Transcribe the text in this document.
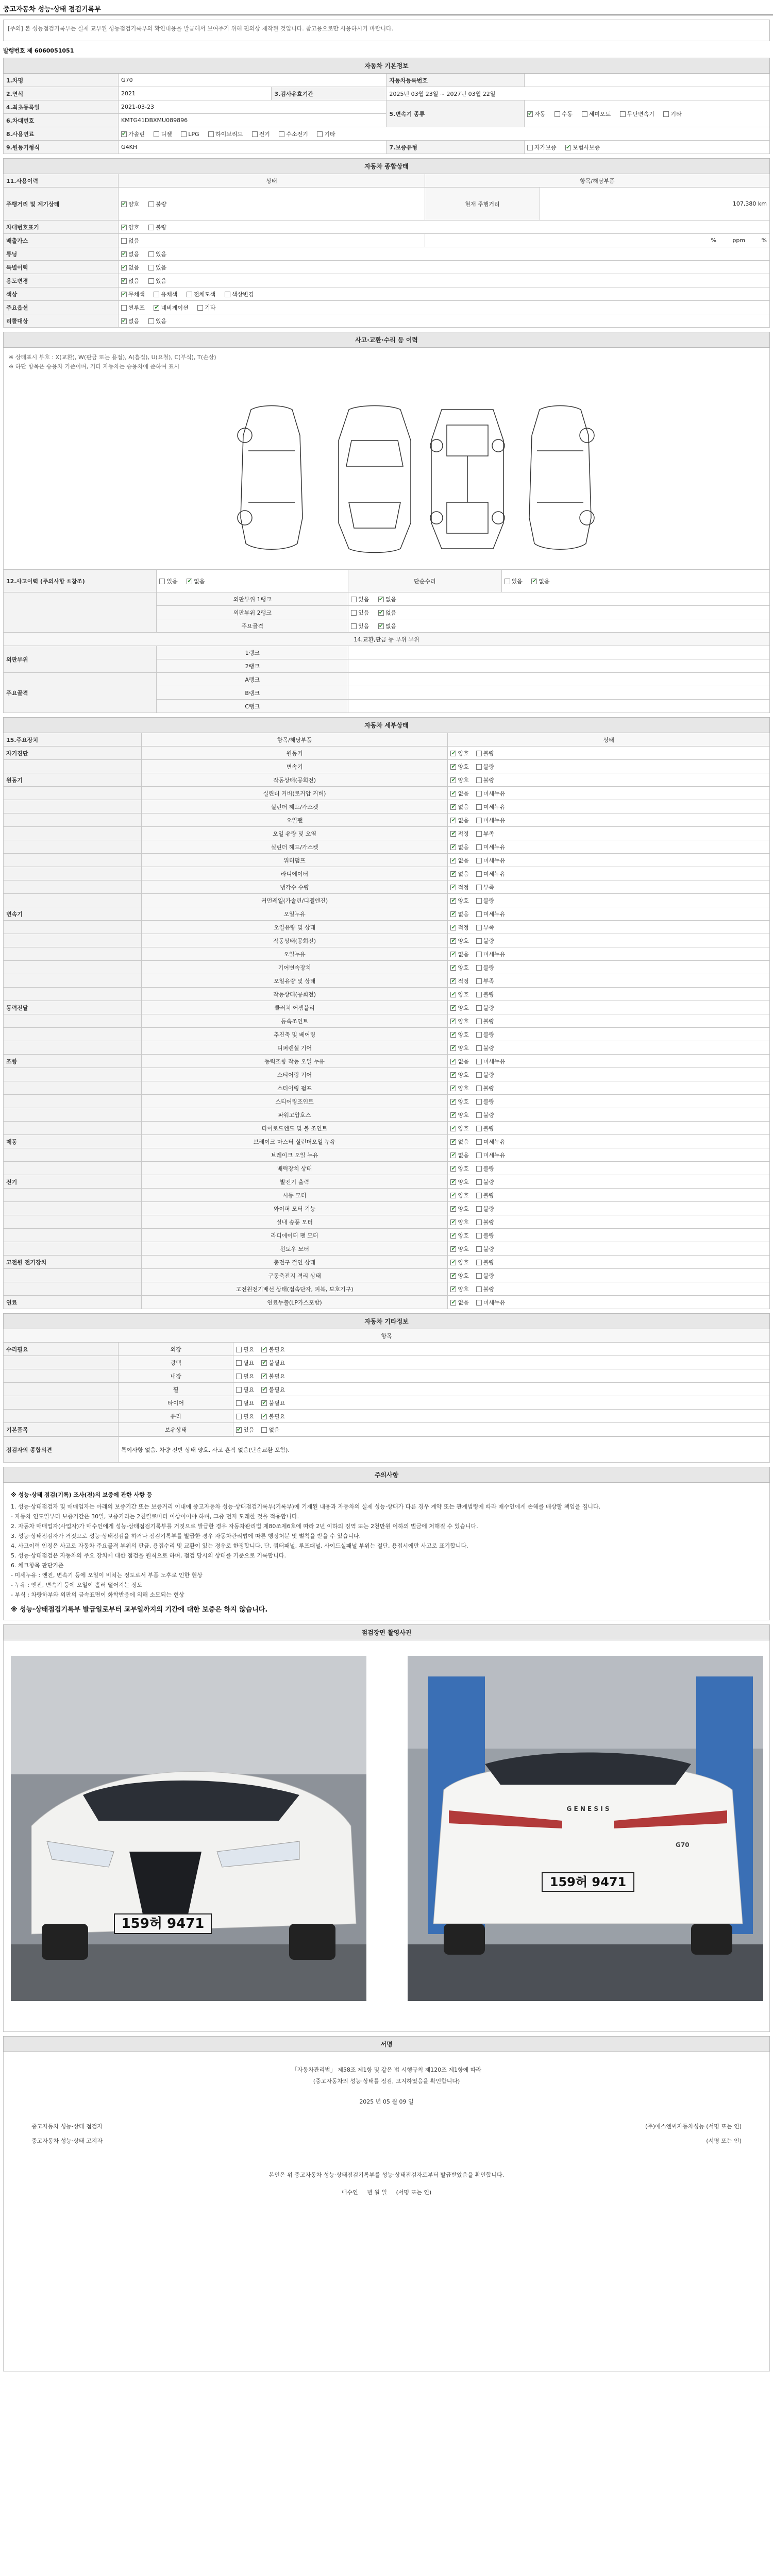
중고자동차 성능·상태 점검기록부
[주의] 본 성능점검기록부는 실제 교부된 성능점검기록부의 확인내용을 발급해서 보여주기 위해 편의상 제작된 것입니다. 참고용으로만 사용하시기 바랍니다.
발행번호 제 6060051051
자동차 기본정보				
1.차명	G70		자동차등록번호	
2.연식	2021	3.검사유효기간	2025년 03월 23일 ~ 2027년 03월 22일	
4.최초등록일	2021-03-23		5.변속기 종류	✔자동 수동 세미오토 무단변속기 기타
6.차대번호	KMTG41DBXMU089896			
8.사용연료	✔가솔린 디젤 LPG 하이브리드 전기 수소전기 기타
9.원동기형식	G4KH		7.보증유형	자가보증 ✔ 보험사보증
자동차 종합상태			
11.사용이력	상태	항목/해당부품	
주행거리 및 계기상태	✔양호 불량	현재 주행거리	107,380 km
차대번호표기	✔양호 불량
배출가스	없음	% ppm %	
튜닝	✔없음 있음
특별이력	✔없음 있음
용도변경	✔없음 있음
색상	✔무채색 유채색 전체도색 색상변경
주요옵션	썬루프 ✔ 네비게이션 기타
리콜대상	✔없음 있음
사고·교환·수리 등 이력
※ 상태표시 부호 : X(교환), W(판금 또는 용접), A(흠집), U(요철), C(부식), T(손상)
※ 하단 항목은 승용차 기준이며, 기타 자동차는 승용차에 준하여 표시
12.사고이력 (주의사항 ①참조)	있음 ✔ 없음	단순수리	있음 ✔ 없음
	외판부위 1랭크	있음 ✔ 없음
	외판부위 2랭크	있음 ✔ 없음
	주요골격	있음 ✔ 없음
14.교환,판금 등 부위 부위			
외판부위	1랭크		
	2랭크		
주요골격	A랭크		
	B랭크		
	C랭크		
자동차 세부상태		
15.주요장치	항목/해당부품	상태
자기진단	원동기	✔양호 불량
	변속기	✔양호 불량
원동기	작동상태(공회전)	✔양호 불량
	실린더 커버(로커암 커버)	✔없음 미세누유
	실린더 헤드/가스켓	✔없음 미세누유
	오일팬	✔없음 미세누유
	오일 유량 및 오염	✔적정 부족
	실린더 헤드/가스켓	✔없음 미세누유
	워터펌프	✔없음 미세누유
	라디에이터	✔없음 미세누유
	냉각수 수량	✔적정 부족
	커먼레일(가솔린/디젤엔진)	✔양호 불량
변속기	오일누유	✔없음 미세누유
	오일유량 및 상태	✔적정 부족
	작동상태(공회전)	✔양호 불량
	오일누유	✔없음 미세누유
	기어변속장치	✔양호 불량
	오일유량 및 상태	✔적정 부족
	작동상태(공회전)	✔양호 불량
동력전달	클러치 어셈블리	✔양호 불량
	등속조인트	✔양호 불량
	추진축 및 베어링	✔양호 불량
	디퍼렌셜 기어	✔양호 불량
조향	동력조향 작동 오일 누유	✔없음 미세누유
	스티어링 기어	✔양호 불량
	스티어링 펌프	✔양호 불량
	스티어링조인트	✔양호 불량
	파워고압호스	✔양호 불량
	타이로드엔드 및 볼 조인트	✔양호 불량
제동	브레이크 마스터 실린더오일 누유	✔없음 미세누유
	브레이크 오일 누유	✔없음 미세누유
	배력장치 상태	✔양호 불량
전기	발전기 출력	✔양호 불량
	시동 모터	✔양호 불량
	와이퍼 모터 기능	✔양호 불량
	실내 송풍 모터	✔양호 불량
	라디에이터 팬 모터	✔양호 불량
	윈도우 모터	✔양호 불량
고전원 전기장치	충전구 절연 상태	✔양호 불량
	구동축전지 격리 상태	✔양호 불량
	고전원전기배선 상태(접속단자, 피복, 보호기구)	✔양호 불량
연료	연료누출(LP가스포함)	✔없음 미세누유
자동차 기타정보		
항목		
수리필요	외장	필요 ✔ 불필요
	광택	필요 ✔ 불필요
	내장	필요 ✔ 불필요
	휠	필요 ✔ 불필요
	타이어	필요 ✔ 불필요
	유리	필요 ✔ 불필요
기본품목	보유상태	✔있음 없음
점검자의 종합의견	특이사항 없음. 차량 전반 상태 양호. 사고 흔적 없음(단순교환 포함).
주의사항
※ 성능·상태 점검(기록) 조사(전)의 보증에 관한 사항 등
1. 성능·상태점검자 및 매매업자는 아래의 보증기간 또는 보증거리 이내에 중고자동차 성능·상태점검기록부(기록부)에 기재된 내용과 자동차의 실제 성능·상태가 다른 경우 계약 또는 관계법령에 따라 매수인에게 손해를 배상할 책임을 집니다.
- 자동차 인도일부터 보증기간은 30일, 보증거리는 2천킬로미터 이상이어야 하며, 그중 먼저 도래한 것을 적용합니다.
2. 자동차 매매업자(사업자)가 매수인에게 성능·상태점검기록부를 거짓으로 발급한 경우 자동차관리법 제80조제6호에 따라 2년 이하의 징역 또는 2천만원 이하의 벌금에 처해질 수 있습니다.
3. 성능·상태점검자가 거짓으로 성능·상태점검을 하거나 점검기록부를 발급한 경우 자동차관리법에 따른 행정처분 및 벌칙을 받을 수 있습니다.
4. 사고이력 인정은 사고로 자동차 주요골격 부위의 판금, 용접수리 및 교환이 있는 경우로 한정합니다. 단, 쿼터패널, 루프패널, 사이드실패널 부위는 절단, 용접시에만 사고로 표기합니다.
5. 성능·상태점검은 자동차의 주요 장치에 대한 점검을 원칙으로 하며, 점검 당시의 상태를 기준으로 기록합니다.
6. 체크항목 판단기준
- 미세누유 : 엔진, 변속기 등에 오일이 비치는 정도로서 부품 노후로 인한 현상
- 누유 : 엔진, 변속기 등에 오일이 흘러 떨어지는 정도
- 부식 : 차량하부와 외판의 금속표면이 화학반응에 의해 소모되는 현상
※ 성능·상태점검기록부 발급일로부터 교부일까지의 기간에 대한 보증은 하지 않습니다.
점검장면 촬영사진
159허 9471
G E N E S I S
G70
159허 9471
서명
「자동차관리법」 제58조 제1항 및 같은 법 시행규칙 제120조 제1항에 따라
(중고자동차의 성능·상태를 점검, 고지하였음을 확인합니다)
2025 년 05 월 09 일
중고자동차 성능·상태 점검자	(주)에스엔씨자동차성능 (서명 또는 인)
중고자동차 성능·상태 고지자	(서명 또는 인)
본인은 위 중고자동차 성능·상태점검기록부를 성능·상태점검자로부터 발급받았음을 확인합니다.
매수인 년 월 일 (서명 또는 인)
